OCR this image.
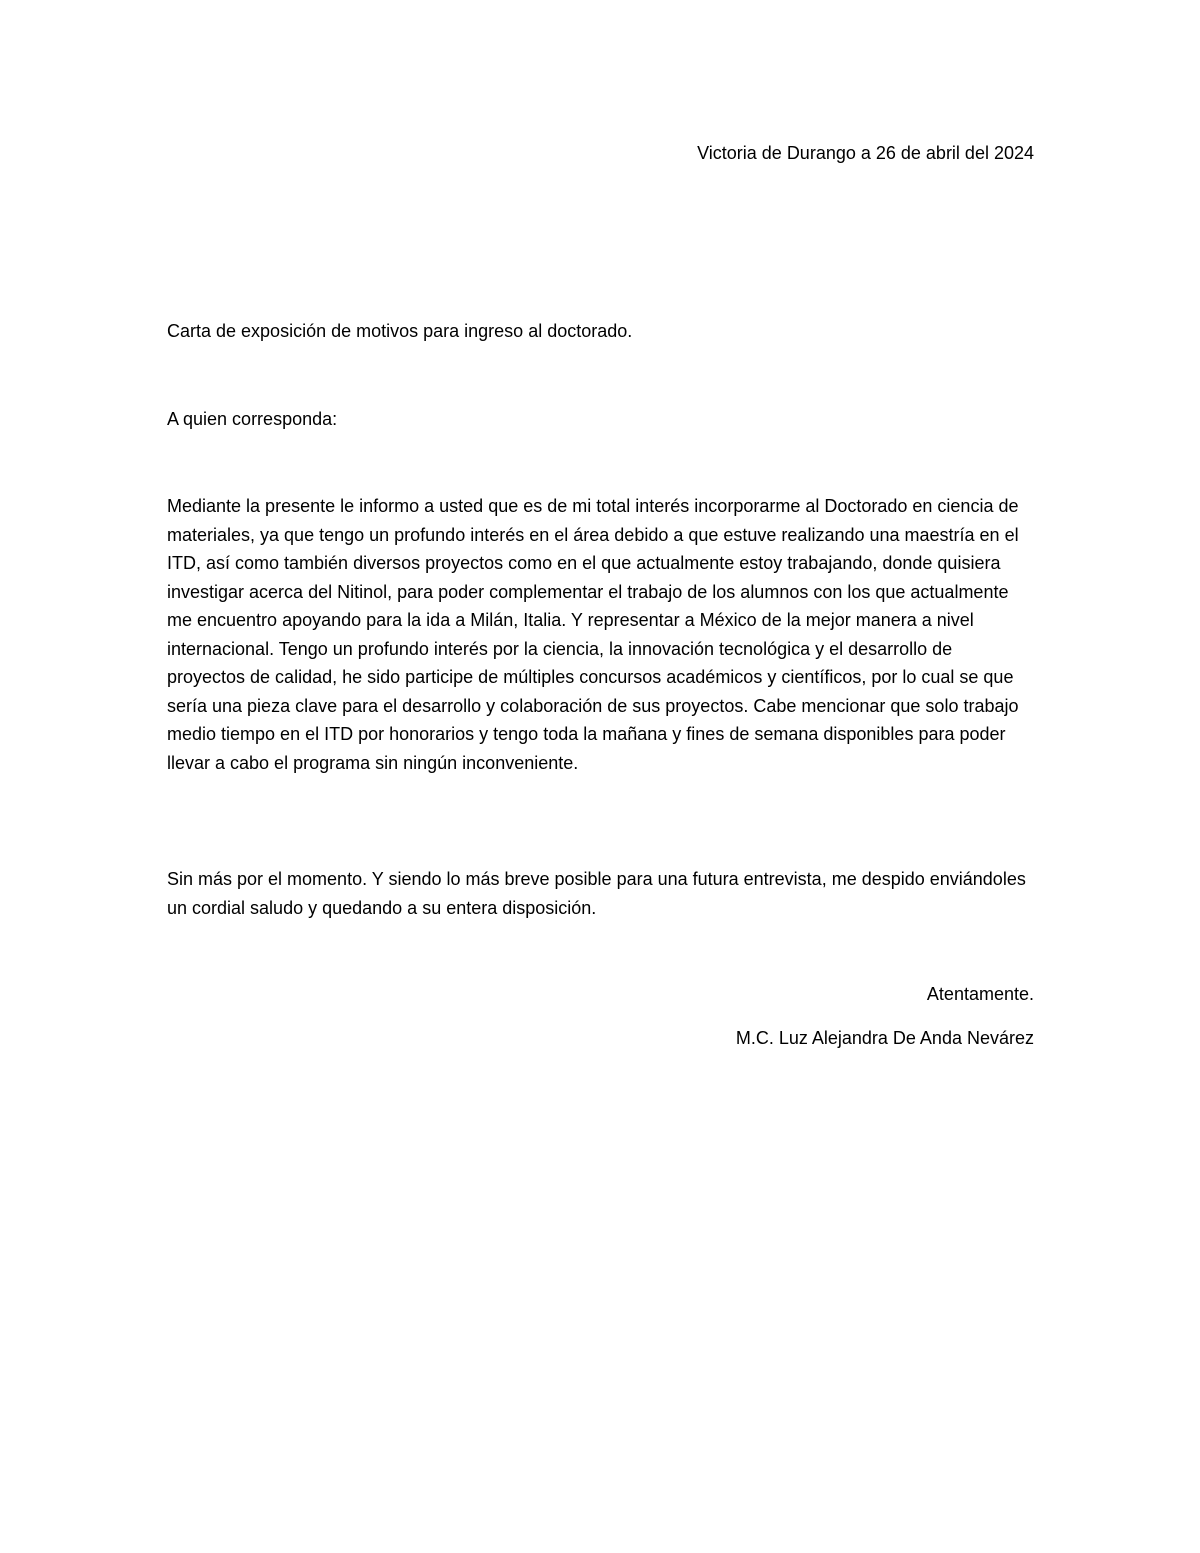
Victoria de Durango a 26 de abril del 2024
Carta de exposición de motivos para ingreso al doctorado.
A quien corresponda:
Mediante la presente le informo a usted que es de mi total interés incorporarme al Doctorado en ciencia de materiales, ya que tengo un profundo interés en el área debido a que estuve realizando una maestría en el ITD, así como también diversos proyectos como en el que actualmente estoy trabajando, donde quisiera investigar acerca del Nitinol, para poder complementar el trabajo de los alumnos con los que actualmente me encuentro apoyando para la ida a Milán, Italia. Y representar a México de la mejor manera a nivel internacional. Tengo un profundo interés por la ciencia, la innovación tecnológica y el desarrollo de proyectos de calidad, he sido participe de múltiples concursos académicos y científicos, por lo cual se que sería una pieza clave para el desarrollo y colaboración de sus proyectos. Cabe mencionar que solo trabajo medio tiempo en el ITD por honorarios y tengo toda la mañana y fines de semana disponibles para poder llevar a cabo el programa sin ningún inconveniente.
Sin más por el momento. Y siendo lo más breve posible para una futura entrevista, me despido enviándoles un cordial saludo y quedando a su entera disposición.
Atentamente.
M.C. Luz Alejandra De Anda Nevárez
